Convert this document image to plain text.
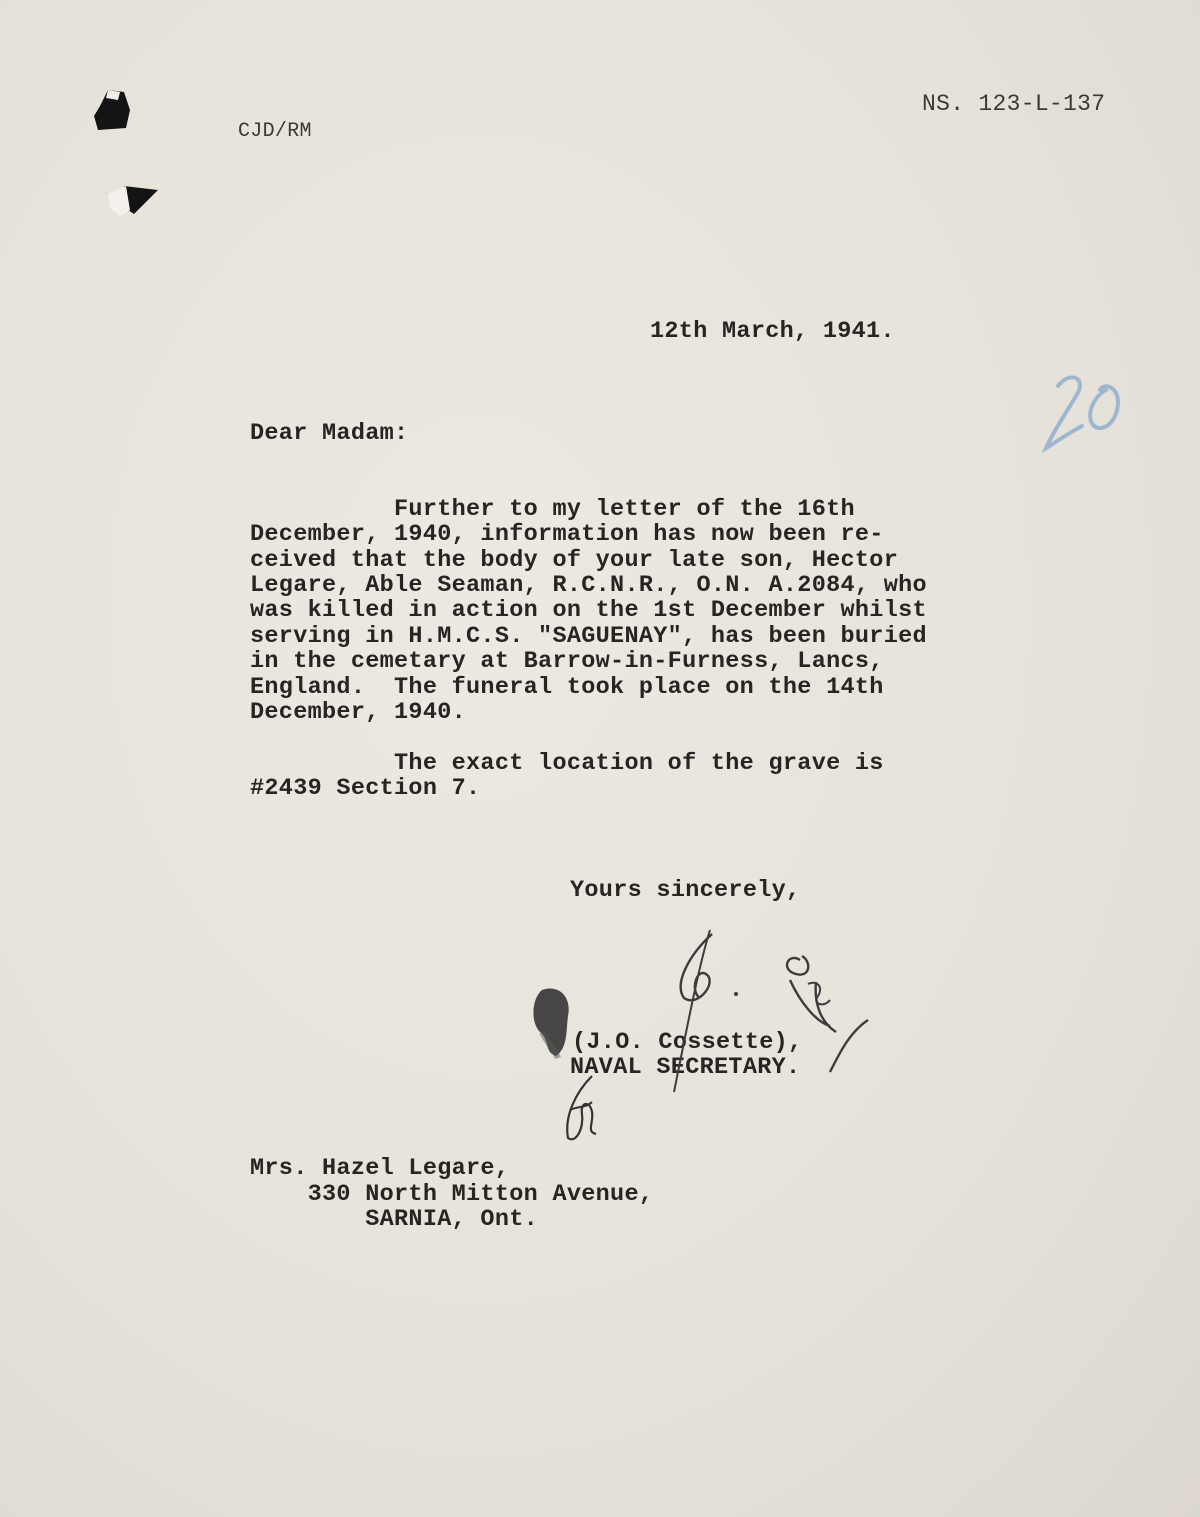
NS. 123-L-137
CJD/RM
12th March, 1941.
Dear Madam:
Further to my letter of the 16th
December, 1940, information has now been re-
ceived that the body of your late son, Hector
Legare, Able Seaman, R.C.N.R., O.N. A.2084, who
was killed in action on the 1st December whilst
serving in H.M.C.S. "SAGUENAY", has been buried
in the cemetary at Barrow-in-Furness, Lancs,
England.  The funeral took place on the 14th
December, 1940.
The exact location of the grave is
#2439 Section 7.
Yours sincerely,
(J.O. Cossette),
NAVAL SECRETARY.
Mrs. Hazel Legare,
330 North Mitton Avenue,
SARNIA, Ont.
